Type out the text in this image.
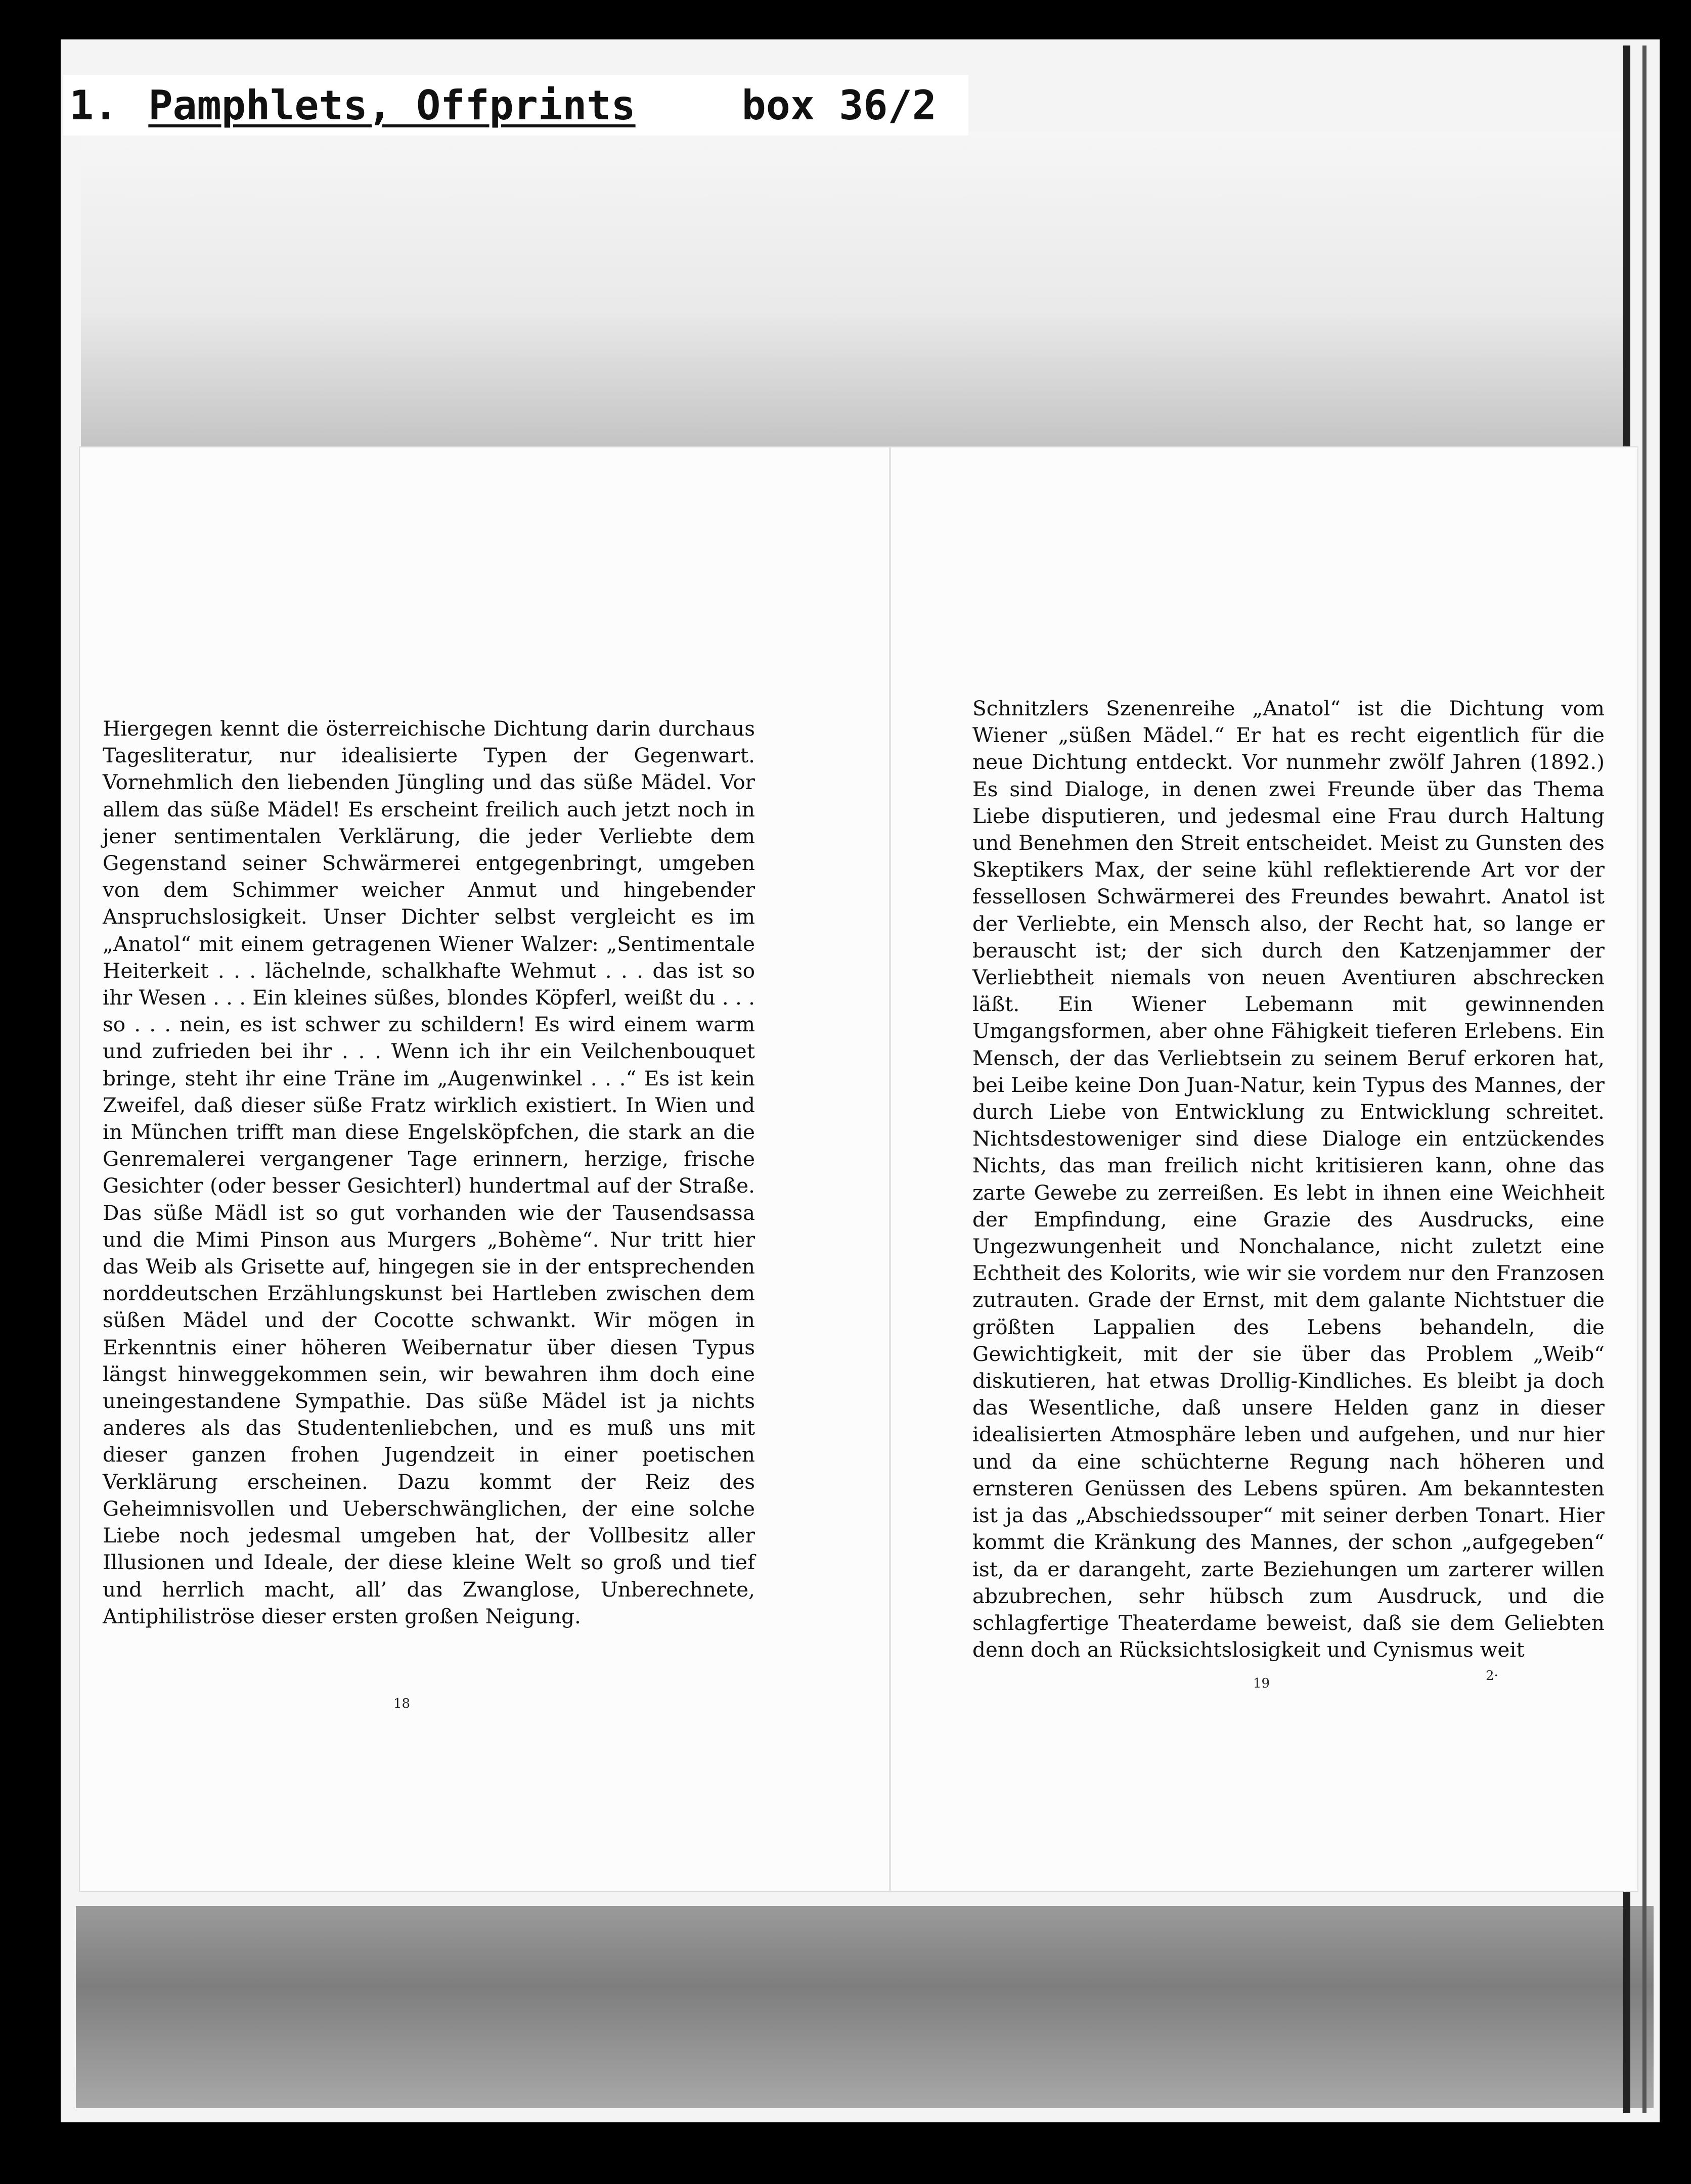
1. Pamphlets, Offprints	box 36/2

Hiergegen kennt die österreichische Dichtung darin durchaus Tagesliteratur, nur idealisierte Typen der Gegenwart. Vornehmlich den liebenden Jüngling und das süße Mädel. Vor allem das süße Mädel! Es erscheint freilich auch jetzt noch in jener sentimentalen Verklärung, die jeder Verliebte dem Gegenstand seiner Schwärmerei entgegenbringt, umgeben von dem Schimmer weicher Anmut und hingebender Anspruchslosigkeit. Unser Dichter selbst vergleicht es im „Anatol“ mit einem getragenen Wiener Walzer: „Sentimentale Heiterkeit . . . lächelnde, schalkhafte Wehmut . . . das ist so ihr Wesen . . . Ein kleines süßes, blondes Köpferl, weißt du . . . so . . . nein, es ist schwer zu schildern! Es wird einem warm und zufrieden bei ihr . . . Wenn ich ihr ein Veilchenbouquet bringe, steht ihr eine Träne im „Augenwinkel . . .“ Es ist kein Zweifel, daß dieser süße Fratz wirklich existiert. In Wien und in München trifft man diese Engelsköpfchen, die stark an die Genremalerei vergangener Tage erinnern, herzige, frische Gesichter (oder besser Gesichterl) hundertmal auf der Straße. Das süße Mädl ist so gut vorhanden wie der Tausendsassa und die Mimi Pinson aus Murgers „Bohème“. Nur tritt hier das Weib als Grisette auf, hingegen sie in der entsprechenden norddeutschen Erzählungskunst bei Hartleben zwischen dem süßen Mädel und der Cocotte schwankt. Wir mögen in Erkenntnis einer höheren Weibernatur über diesen Typus längst hinweggekommen sein, wir bewahren ihm doch eine uneingestandene Sympathie. Das süße Mädel ist ja nichts anderes als das Studentenliebchen, und es muß uns mit dieser ganzen frohen Jugendzeit in einer poetischen Verklärung erscheinen. Dazu kommt der Reiz des Geheimnisvollen und Ueberschwänglichen, der eine solche Liebe noch jedesmal umgeben hat, der Vollbesitz aller Illusionen und Ideale, der diese kleine Welt so groß und tief und herrlich macht, all’ das Zwanglose, Unberechnete, Antiphiliströse dieser ersten großen Neigung.

Schnitzlers Szenenreihe „Anatol“ ist die Dichtung vom Wiener „süßen Mädel.“ Er hat es recht eigentlich für die neue Dichtung entdeckt. Vor nunmehr zwölf Jahren (1892.) Es sind Dialoge, in denen zwei Freunde über das Thema Liebe disputieren, und jedesmal eine Frau durch Haltung und Benehmen den Streit entscheidet. Meist zu Gunsten des Skeptikers Max, der seine kühl reflektierende Art vor der fessellosen Schwärmerei des Freundes bewahrt. Anatol ist der Verliebte, ein Mensch also, der Recht hat, so lange er berauscht ist; der sich durch den Katzenjammer der Verliebtheit niemals von neuen Aventiuren abschrecken läßt. Ein Wiener Lebemann mit gewinnenden Umgangsformen, aber ohne Fähigkeit tieferen Erlebens. Ein Mensch, der das Verliebtsein zu seinem Beruf erkoren hat, bei Leibe keine Don Juan-Natur, kein Typus des Mannes, der durch Liebe von Entwicklung zu Entwicklung schreitet. Nichtsdestoweniger sind diese Dialoge ein entzückendes Nichts, das man freilich nicht kritisieren kann, ohne das zarte Gewebe zu zerreißen. Es lebt in ihnen eine Weichheit der Empfindung, eine Grazie des Ausdrucks, eine Ungezwungenheit und Nonchalance, nicht zuletzt eine Echtheit des Kolorits, wie wir sie vordem nur den Franzosen zutrauten. Grade der Ernst, mit dem galante Nichtstuer die größten Lappalien des Lebens behandeln, die Gewichtigkeit, mit der sie über das Problem „Weib“ diskutieren, hat etwas Drollig-Kindliches. Es bleibt ja doch das Wesentliche, daß unsere Helden ganz in dieser idealisierten Atmosphäre leben und aufgehen, und nur hier und da eine schüchterne Regung nach höheren und ernsteren Genüssen des Lebens spüren. Am bekanntesten ist ja das „Abschiedssouper“ mit seiner derben Tonart. Hier kommt die Kränkung des Mannes, der schon „aufgegeben“ ist, da er darangeht, zarte Beziehungen um zarterer willen abzubrechen, sehr hübsch zum Ausdruck, und die schlagfertige Theaterdame beweist, daß sie dem Geliebten denn doch an Rücksichtslosigkeit und Cynismus weit

18
19	2·
